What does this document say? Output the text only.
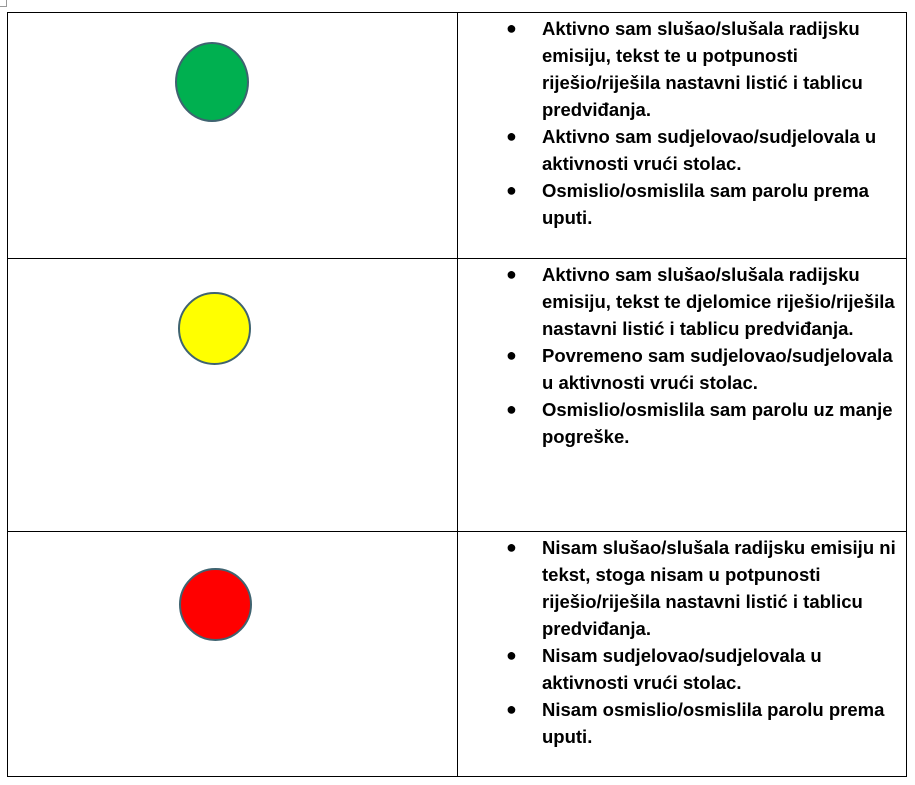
●	Aktivno sam slušao/slušala radijsku emisiju, tekst te u potpunosti riješio/riješila nastavni listić i tablicu predviđanja.
●	Aktivno sam sudjelovao/sudjelovala u aktivnosti vrući stolac.
●	Osmislio/osmislila sam parolu prema uputi.
●	Aktivno sam slušao/slušala radijsku emisiju, tekst te djelomice riješio/riješila nastavni listić i tablicu predviđanja.
●	Povremeno sam sudjelovao/sudjelovala u aktivnosti vrući stolac.
●	Osmislio/osmislila sam parolu uz manje pogreške.
●	Nisam slušao/slušala radijsku emisiju ni tekst, stoga nisam u potpunosti riješio/riješila nastavni listić i tablicu predviđanja.
●	Nisam sudjelovao/sudjelovala u aktivnosti vrući stolac.
●	Nisam osmislio/osmislila parolu prema uputi.
